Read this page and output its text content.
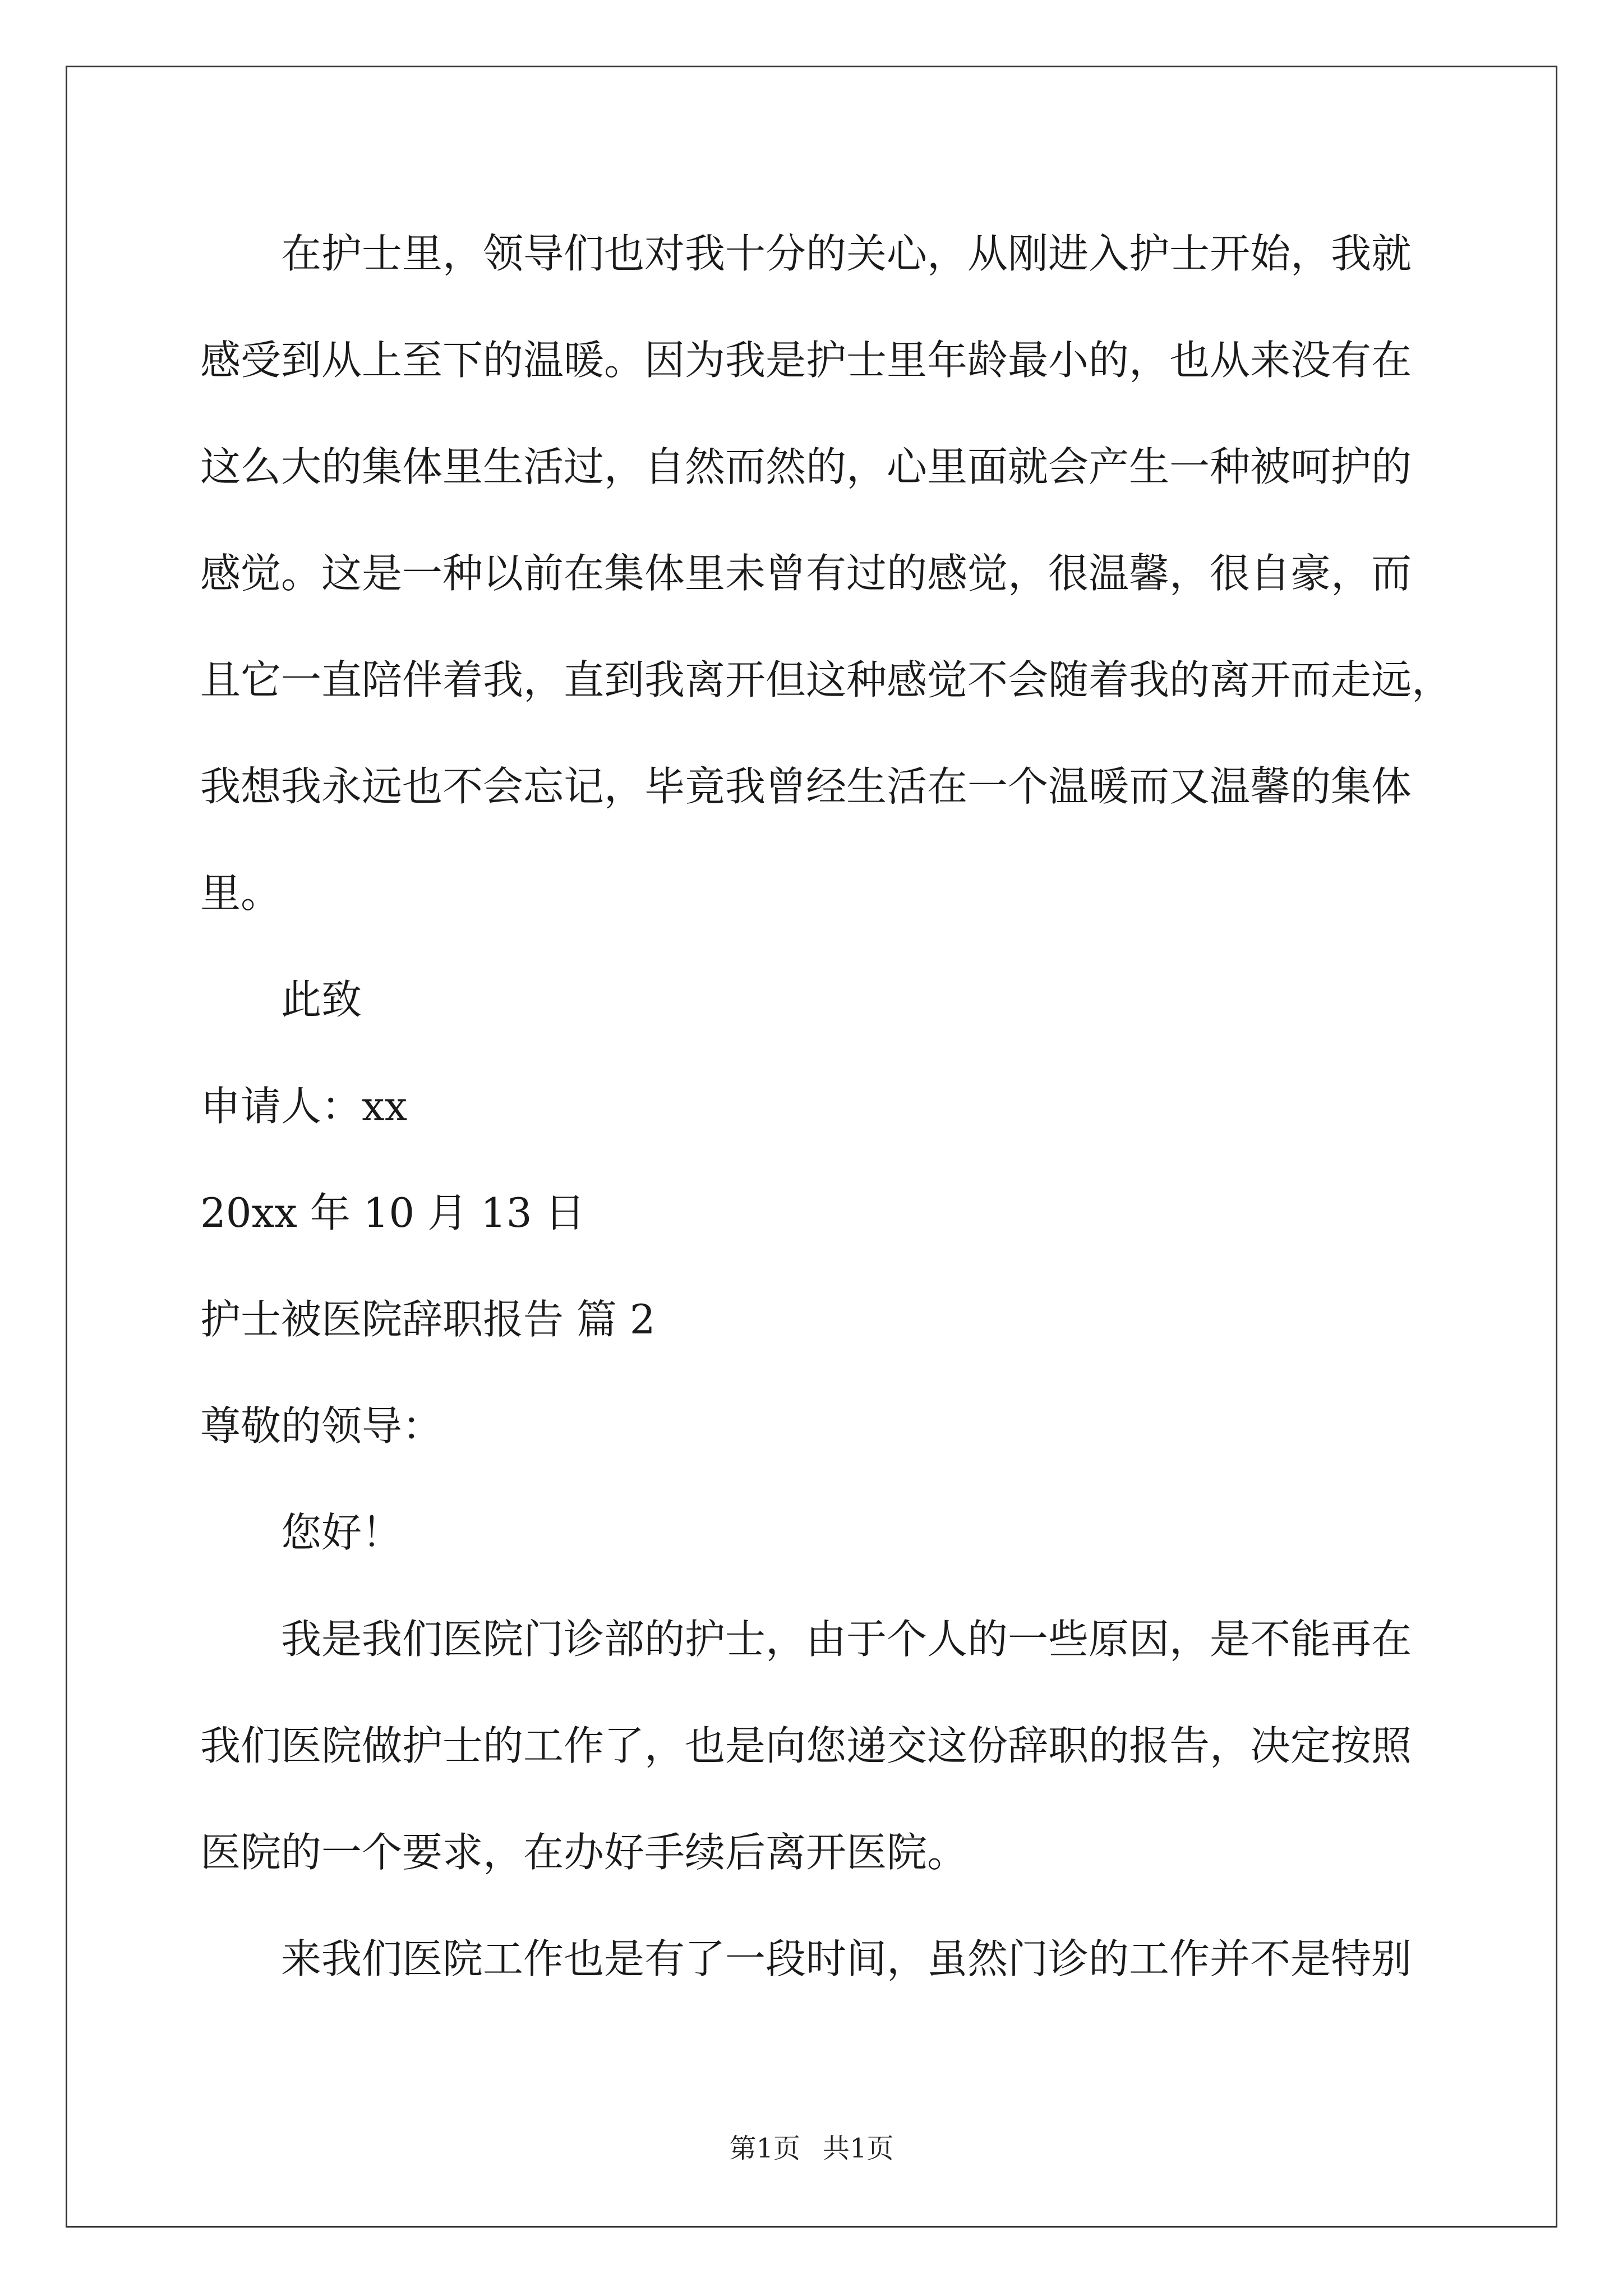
在护士里，领导们也对我十分的关心，从刚进入护士开始，我就
感受到从上至下的温暖。因为我是护士里年龄最小的，也从来没有在
这么大的集体里生活过，自然而然的，心里面就会产生一种被呵护的
感觉。这是一种以前在集体里未曾有过的感觉，很温馨，很自豪，而
且它一直陪伴着我，直到我离开但这种感觉不会随着我的离开而走远，
我想我永远也不会忘记，毕竟我曾经生活在一个温暖而又温馨的集体
里。
此致
申请人：xx
20xx 年 10 月 13 日
护士被医院辞职报告 篇 2
尊敬的领导：
您好！
我是我们医院门诊部的护士，由于个人的一些原因，是不能再在
我们医院做护士的工作了，也是向您递交这份辞职的报告，决定按照
医院的一个要求，在办好手续后离开医院。
来我们医院工作也是有了一段时间，虽然门诊的工作并不是特别
第1页 共1页
